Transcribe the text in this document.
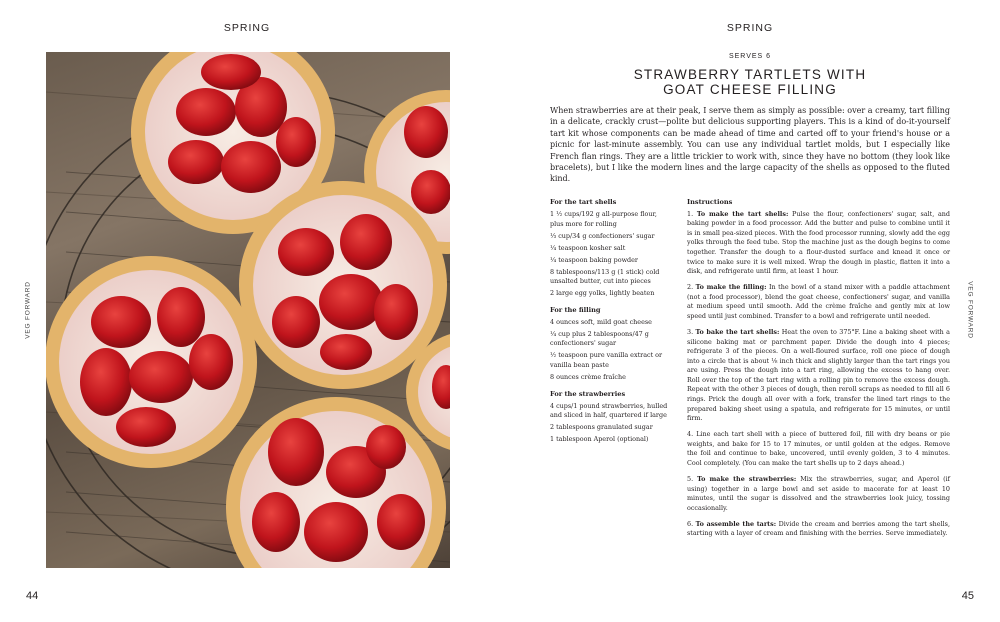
SPRING
VEG FORWARD
44
SPRING
VEG FORWARD
SERVES 6
STRAWBERRY TARTLETS WITH
GOAT CHEESE FILLING

When strawberries are at their peak, I serve them as simply as possible: over a creamy, tart filling in a delicate, crackly crust—polite but delicious supporting players. This is a kind of do-it-yourself tart kit whose components can be made ahead of time and carted off to your friend's house or a picnic for last-minute assembly. You can use any individual tartlet molds, but I especially like French flan rings. They are a little trickier to work with, since they have no bottom (they look like bracelets), but I like the modern lines and the large capacity of the shells as opposed to the fluted kind.

For the tart shells
1 ½ cups/192 g all-purpose flour, plus more for rolling
⅓ cup/34 g confectioners' sugar
¼ teaspoon kosher salt
¼ teaspoon baking powder
8 tablespoons/113 g (1 stick) cold unsalted butter, cut into pieces
2 large egg yolks, lightly beaten
For the filling
4 ounces soft, mild goat cheese
¼ cup plus 2 tablespoons/47 g confectioners' sugar
½ teaspoon pure vanilla extract or vanilla bean paste
8 ounces crème fraîche
For the strawberries
4 cups/1 pound strawberries, hulled and sliced in half, quartered if large
2 tablespoons granulated sugar
1 tablespoon Aperol (optional)
Instructions

1. To make the tart shells: Pulse the flour, confectioners' sugar, salt, and baking powder in a food processor. Add the butter and pulse to combine until it is in small pea-sized pieces. With the food processor running, slowly add the egg yolks through the feed tube. Stop the machine just as the dough begins to come together. Transfer the dough to a flour-dusted surface and knead it once or twice to make sure it is well mixed. Wrap the dough in plastic, flatten it into a disk, and refrigerate until firm, at least 1 hour.

2. To make the filling: In the bowl of a stand mixer with a paddle attachment (not a food processor), blend the goat cheese, confectioners' sugar, and vanilla at medium speed until smooth. Add the crème fraîche and gently mix at low speed until just combined. Transfer to a bowl and refrigerate until needed.

3. To bake the tart shells: Heat the oven to 375°F. Line a baking sheet with a silicone baking mat or parchment paper. Divide the dough into 4 pieces; refrigerate 3 of the pieces. On a well-floured surface, roll one piece of dough into a circle that is about ⅛ inch thick and slightly larger than the tart rings you are using. Press the dough into a tart ring, allowing the excess to hang over. Roll over the top of the tart ring with a rolling pin to remove the excess dough. Repeat with the other 3 pieces of dough, then reroll scraps as needed to fill all 6 rings. Prick the dough all over with a fork, transfer the lined tart rings to the prepared baking sheet using a spatula, and refrigerate for 15 minutes, or until firm.

4. Line each tart shell with a piece of buttered foil, fill with dry beans or pie weights, and bake for 15 to 17 minutes, or until golden at the edges. Remove the foil and continue to bake, uncovered, until evenly golden, 3 to 4 minutes. Cool completely. (You can make the tart shells up to 2 days ahead.)

5. To make the strawberries: Mix the strawberries, sugar, and Aperol (if using) together in a large bowl and set aside to macerate for at least 10 minutes, until the sugar is dissolved and the strawberries look juicy, tossing occasionally.

6. To assemble the tarts: Divide the cream and berries among the tart shells, starting with a layer of cream and finishing with the berries. Serve immediately.

45
